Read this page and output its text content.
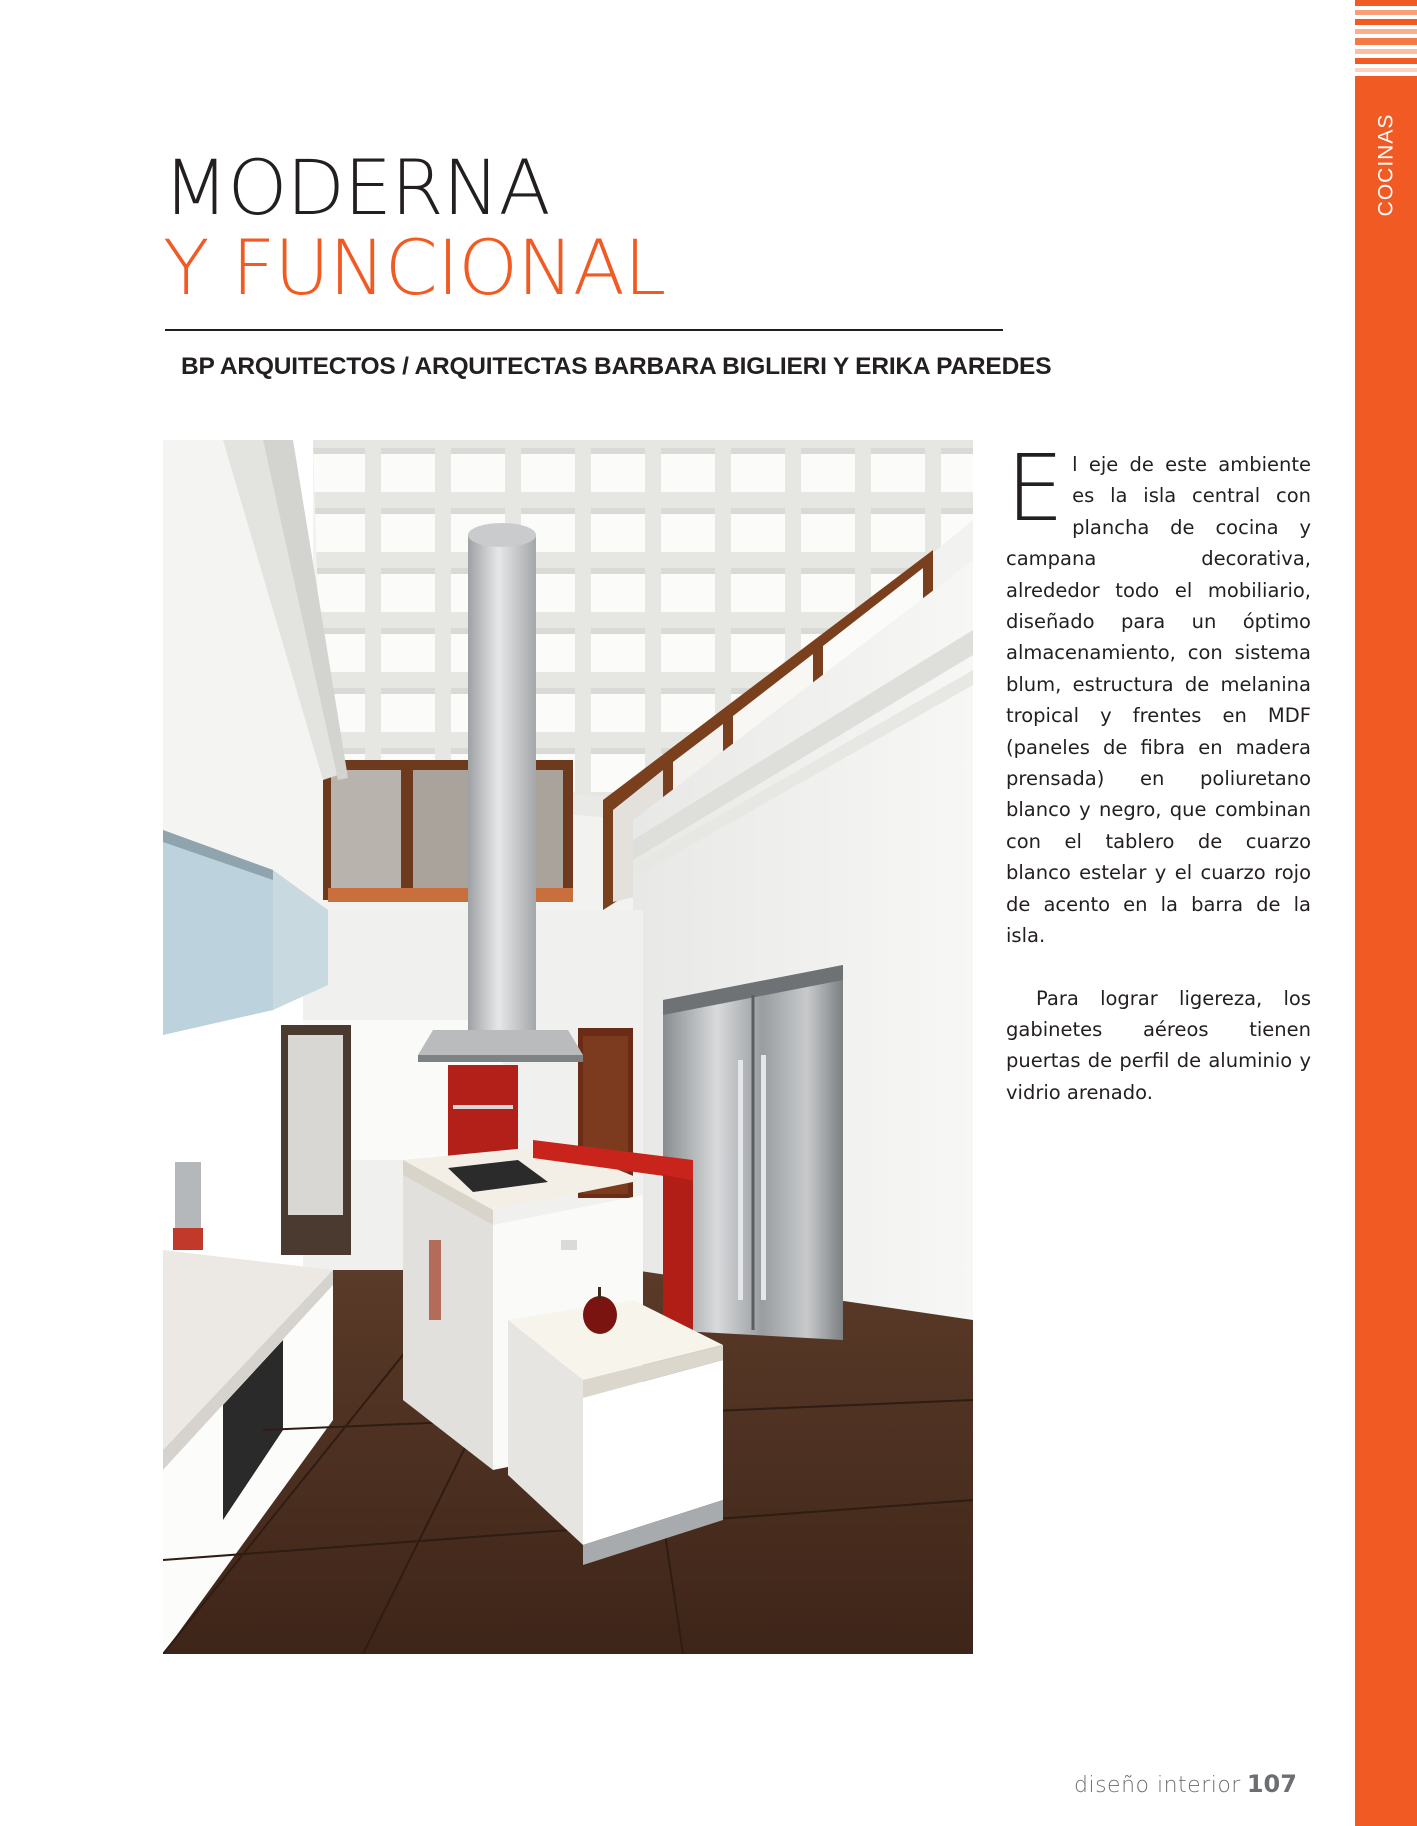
COCINAS
MODERNA
Y FUNCIONAL
BP ARQUITECTOS / ARQUITECTAS BARBARA BIGLIERI Y ERIKA PAREDES

El eje de este ambiente es la isla central con plancha de cocina y campana decorativa, alrededor todo el mobiliario, diseñado para un óptimo almacenamiento, con sistema blum, estructura de melanina tropical y frentes en MDF (paneles de fibra en madera prensada) en poliuretano blanco y negro, que combinan con el tablero de cuarzo blanco estelar y el cuarzo rojo de acento en la barra de la isla.

Para lograr ligereza, los gabinetes aéreos tienen puertas de perfil de aluminio y vidrio arenado.

diseño interior 107
